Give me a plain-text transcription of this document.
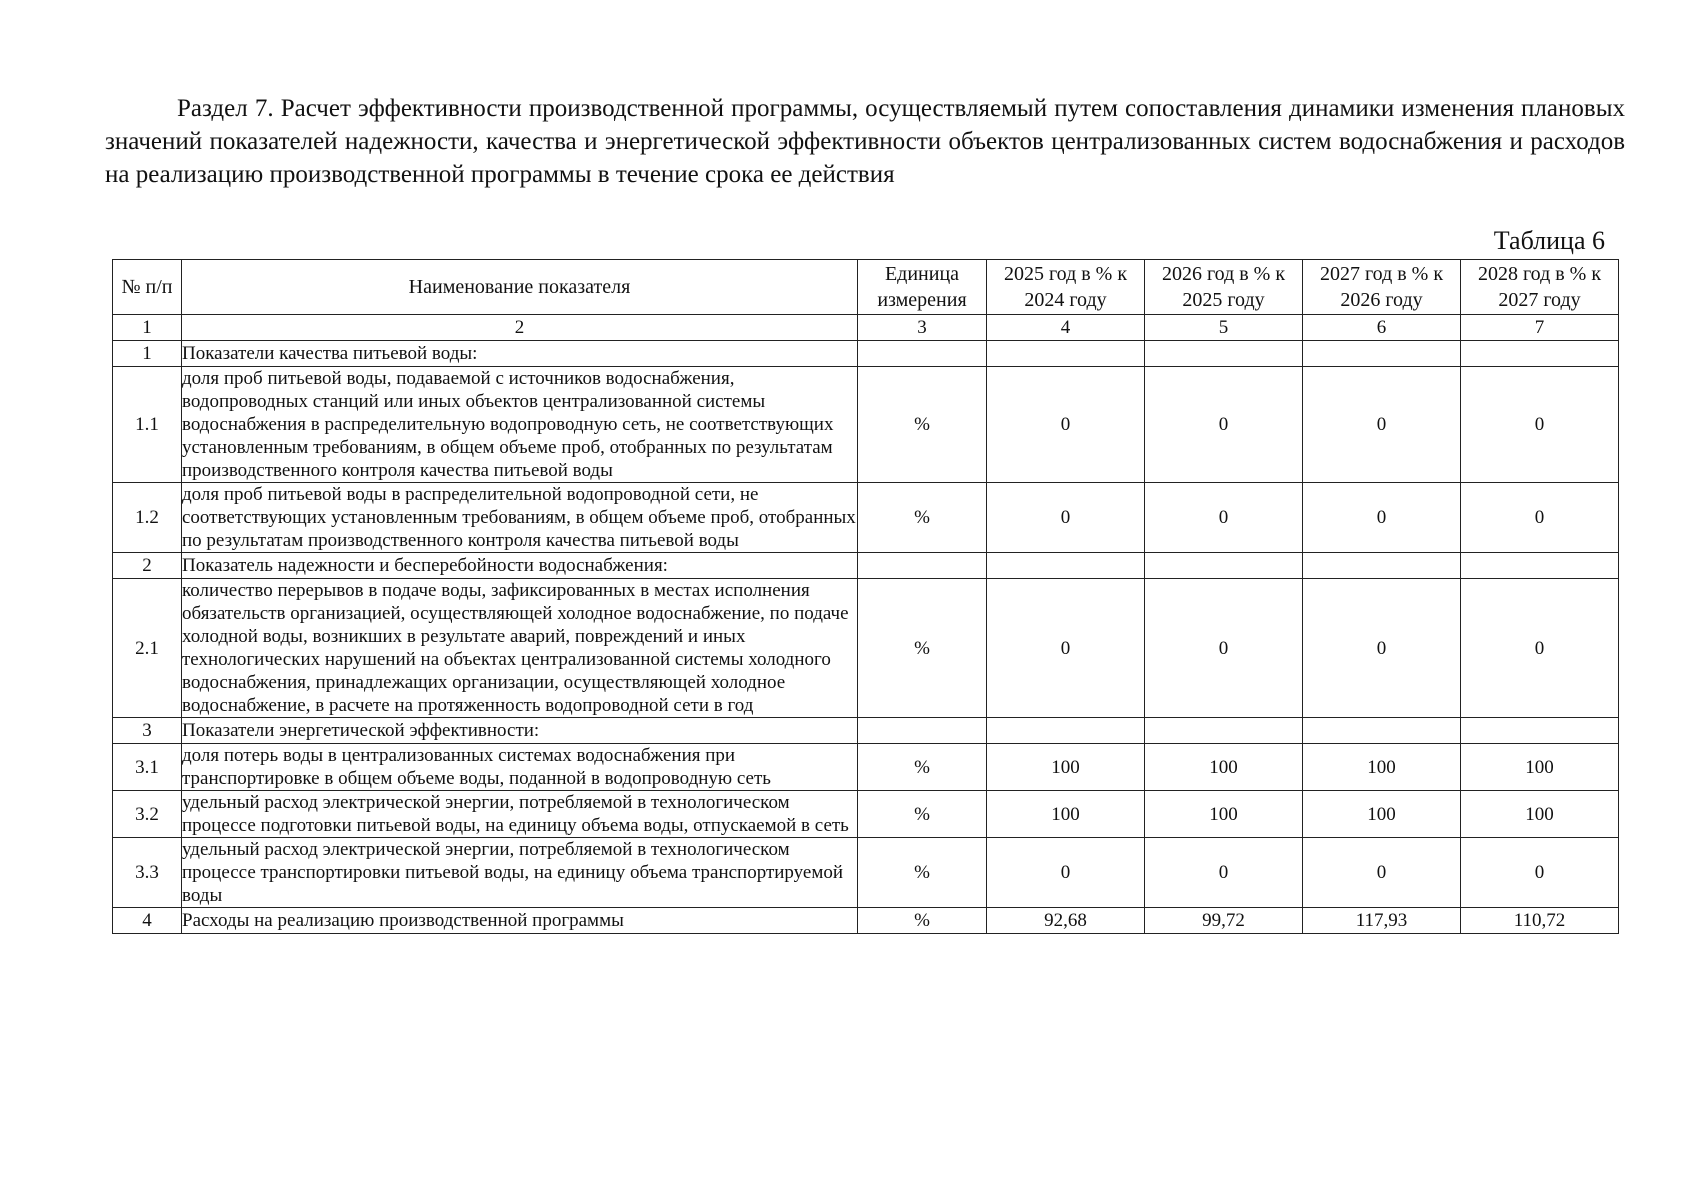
Раздел 7. Расчет эффективности производственной программы, осуществляемый путем сопоставления динамики изменения плановых значений показателей надежности, качества и энергетической эффективности объектов централизованных систем водоснабжения и расходов на реализацию производственной программы в течение срока ее действия

Таблица 6

№ п/п	Наименование показателя	Единица измерения	2025 год в % к 2024 году	2026 год в % к 2025 году	2027 год в % к 2026 году	2028 год в % к 2027 году
1	2	3	4	5	6	7
1	Показатели качества питьевой воды:					
1.1	доля проб питьевой воды, подаваемой с источников водоснабжения, водопроводных станций или иных объектов централизованной системы водоснабжения в распределительную водопроводную сеть, не соответствующих установленным требованиям, в общем объеме проб, отобранных по результатам производственного контроля качества питьевой воды	%	0	0	0	0
1.2	доля проб питьевой воды в распределительной водопроводной сети, не соответствующих установленным требованиям, в общем объеме проб, отобранных по результатам производственного контроля качества питьевой воды	%	0	0	0	0
2	Показатель надежности и бесперебойности водоснабжения:					
2.1	количество перерывов в подаче воды, зафиксированных в местах исполнения обязательств организацией, осуществляющей холодное водоснабжение, по подаче холодной воды, возникших в результате аварий, повреждений и иных технологических нарушений на объектах централизованной системы холодного водоснабжения, принадлежащих организации, осуществляющей холодное водоснабжение, в расчете на протяженность водопроводной сети в год	%	0	0	0	0
3	Показатели энергетической эффективности:					
3.1	доля потерь воды в централизованных системах водоснабжения при транспортировке в общем объеме воды, поданной в водопроводную сеть	%	100	100	100	100
3.2	удельный расход электрической энергии, потребляемой в технологическом процессе подготовки питьевой воды, на единицу объема воды, отпускаемой в сеть	%	100	100	100	100
3.3	удельный расход электрической энергии, потребляемой в технологическом процессе транспортировки питьевой воды, на единицу объема транспортируемой воды	%	0	0	0	0
4	Расходы на реализацию производственной программы	%	92,68	99,72	117,93	110,72
